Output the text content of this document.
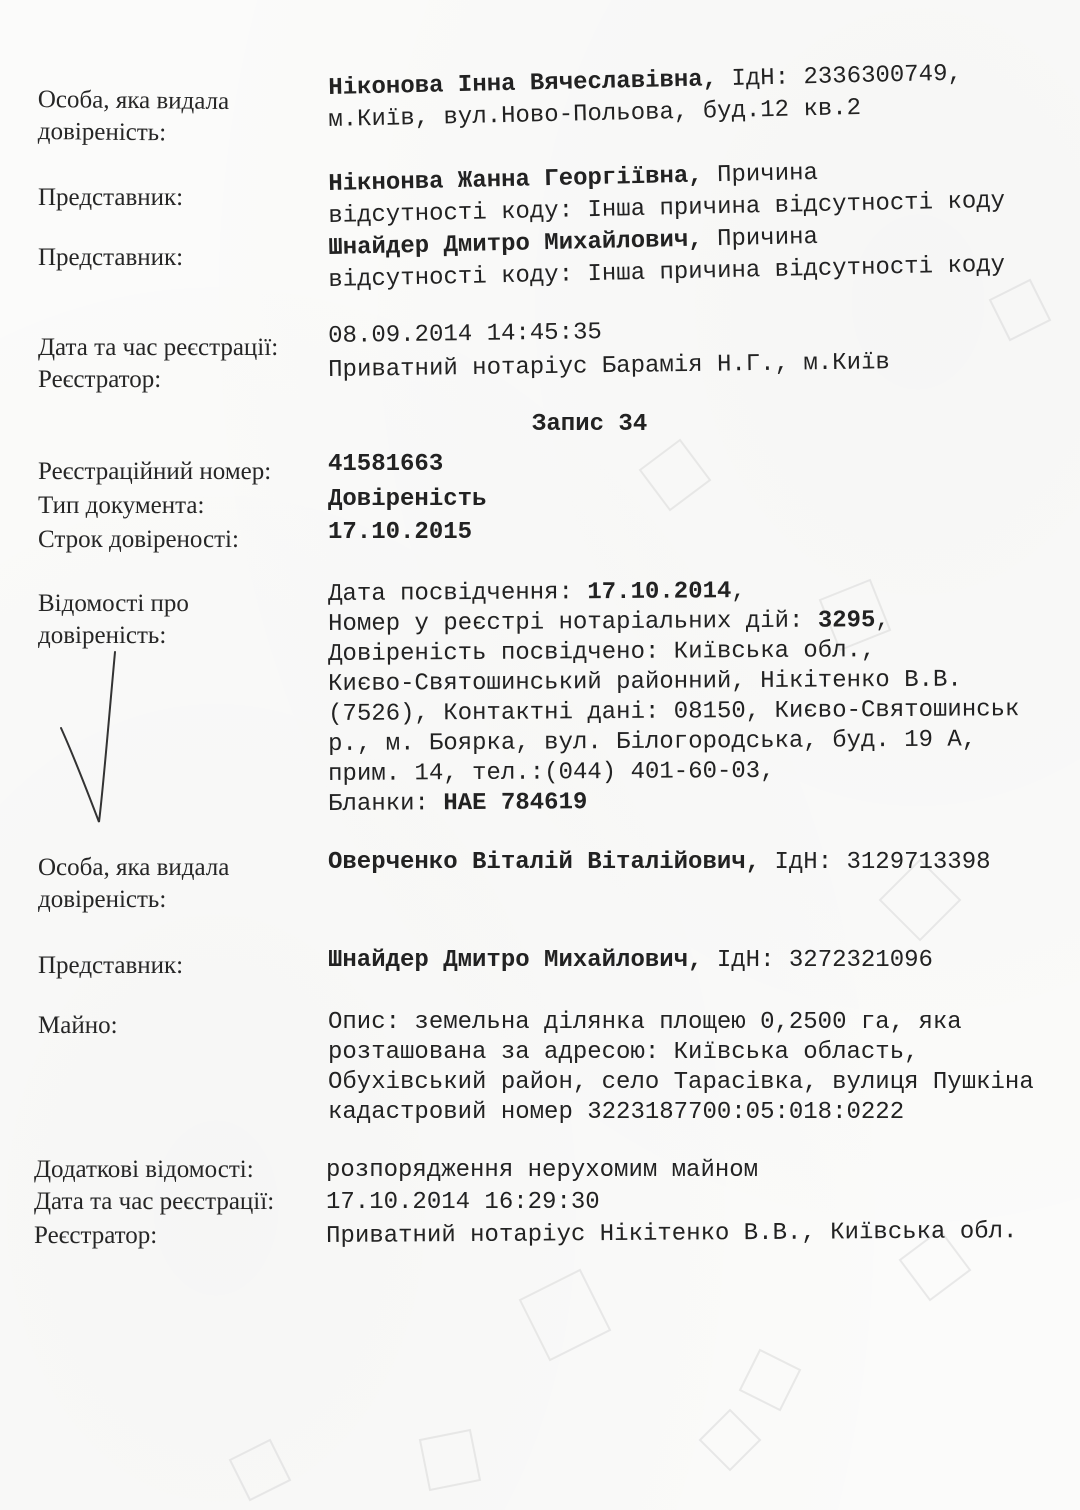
Особа, яка видала
довіреність:
Представник:
Представник:
Дата та час реєстрації:
Реєстратор:
Реєстраційний номер:
Тип документа:
Строк довіреності:
Відомості про
довіреність:
Особа, яка видала
довіреність:
Представник:
Майно:
Додаткові відомості:
Дата та час реєстрації:
Реєстратор:
Ніконова Інна Вячеславівна, ІдН: 2336300749,
м.Київ, вул.Ново-Польова, буд.12 кв.2
Нікнонва Жанна Георгіївна, Причина
відсутності коду: Інша причина відсутності коду
Шнайдер Дмитро Михайлович, Причина
відсутності коду: Інша причина відсутності коду
08.09.2014 14:45:35
Приватний нотаріус Барамія Н.Г., м.Київ
Запис 34
41581663
Довіреність
17.10.2015
Дата посвідчення: 17.10.2014,
Номер у реєстрі нотаріальних дій: 3295,
Довіреність посвідчено: Київська обл.,
Києво-Святошинський районний, Нікітенко В.В.
(7526), Контактні дані: 08150, Києво-Святошинськ
р., м. Боярка, вул. Білогородська, буд. 19 А,
прим. 14, тел.:(044) 401-60-03,
Бланки: НАЕ 784619
Оверченко Віталій Віталійович, ІдН: 3129713398
Шнайдер Дмитро Михайлович, ІдН: 3272321096
Опис: земельна ділянка площею 0,2500 га, яка
розташована за адресою: Київська область,
Обухівський район, село Тарасівка, вулиця Пушкіна
кадастровий номер 3223187700:05:018:0222
розпорядження нерухомим майном
17.10.2014 16:29:30
Приватний нотаріус Нікітенко В.В., Київська обл.
